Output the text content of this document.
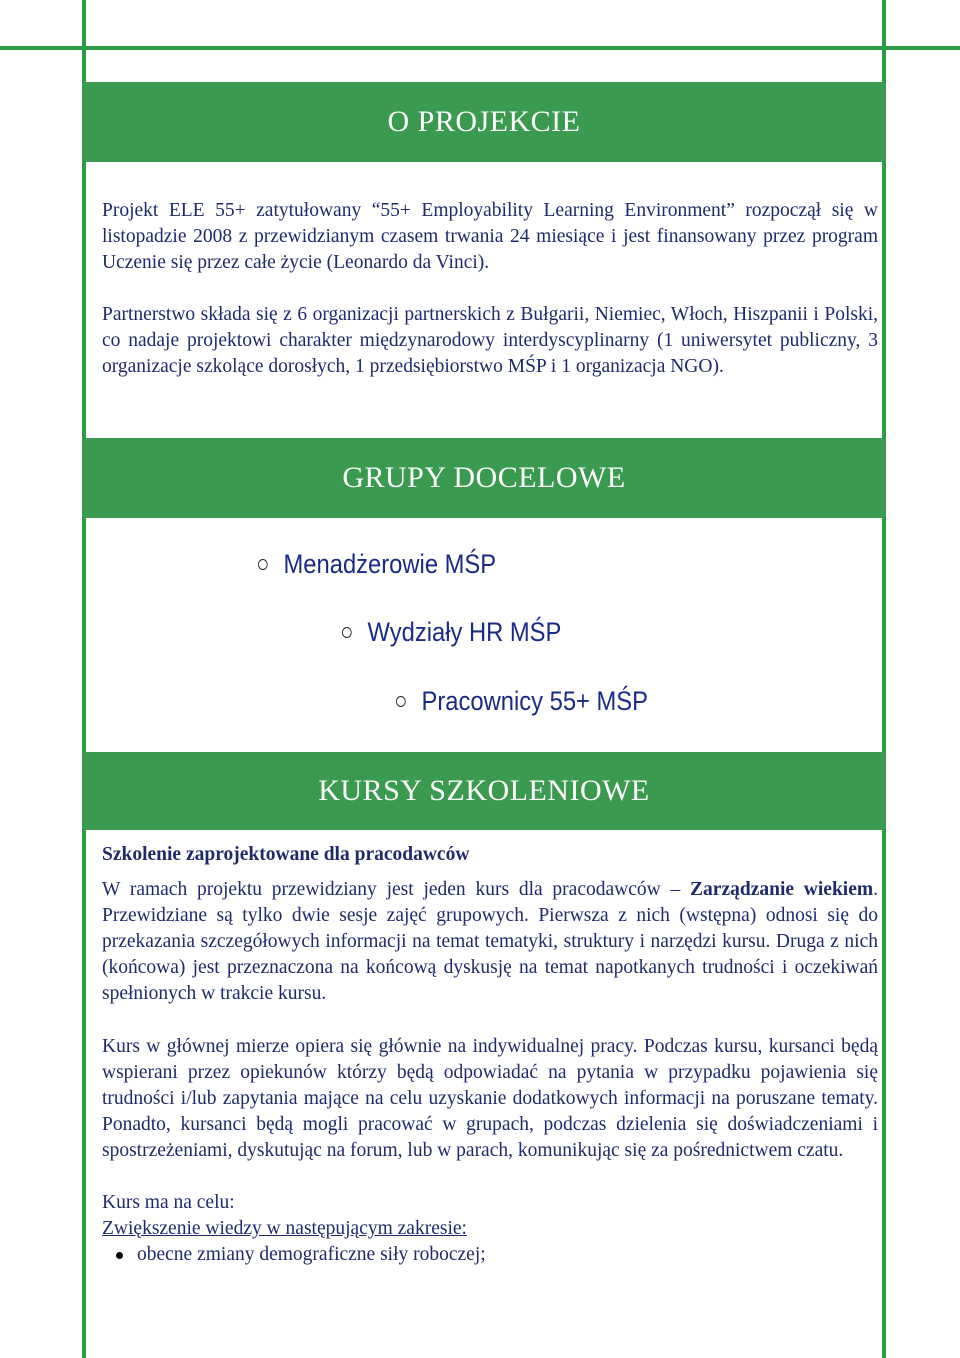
O PROJEKCIE

Projekt ELE 55+ zatytułowany “55+ Employability Learning Environment” rozpoczął się w listopadzie 2008 z przewidzianym czasem trwania 24 miesiące i jest finansowany przez program Uczenie się przez całe życie (Leonardo da Vinci).

Partnerstwo składa się z 6 organizacji partnerskich z Bułgarii, Niemiec, Włoch, Hiszpanii i Polski, co nadaje projektowi charakter międzynarodowy interdyscyplinarny (1 uniwersytet publiczny, 3 organizacje szkolące dorosłych, 1 przedsiębiorstwo MŚP i 1 organizacja NGO).

GRUPY DOCELOWE
Menadżerowie MŚP
Wydziały HR MŚP
Pracownicy 55+ MŚP
KURSY SZKOLENIOWE

Szkolenie zaprojektowane dla pracodawców

W ramach projektu przewidziany jest jeden kurs dla pracodawców – Zarządzanie wiekiem. Przewidziane są tylko dwie sesje zajęć grupowych. Pierwsza z nich (wstępna) odnosi się do przekazania szczegółowych informacji na temat tematyki, struktury i narzędzi kursu. Druga z nich (końcowa) jest przeznaczona na końcową dyskusję na temat napotkanych trudności i oczekiwań spełnionych w trakcie kursu.

Kurs w głównej mierze opiera się głównie na indywidualnej pracy. Podczas kursu, kursanci będą wspierani przez opiekunów którzy będą odpowiadać na pytania w przypadku pojawienia się trudności i/lub zapytania mające na celu uzyskanie dodatkowych informacji na poruszane tematy. Ponadto, kursanci będą mogli pracować w grupach, podczas dzielenia się doświadczeniami i spostrzeżeniami, dyskutując na forum, lub w parach, komunikując się za pośrednictwem czatu.

Kurs ma na celu:

Zwiększenie wiedzy w następującym zakresie:

obecne zmiany demograficzne siły roboczej;
